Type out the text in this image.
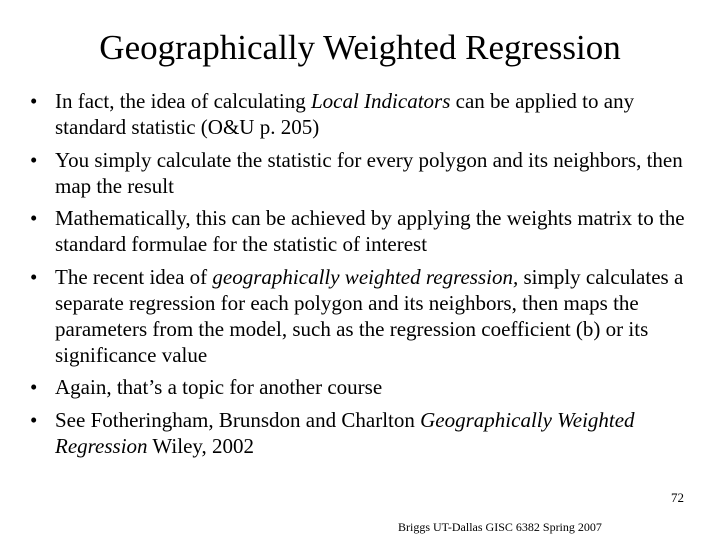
Geographically Weighted Regression
• In fact, the idea of calculating Local Indicators can be applied to any standard statistic (O&U p. 205)
• You simply calculate the statistic for every polygon and its neighbors, then map the result
• Mathematically, this can be achieved by applying the weights matrix to the standard formulae for the statistic of interest
• The recent idea of geographically weighted regression, simply calculates a separate regression for each polygon and its neighbors, then maps the parameters from the model, such as the regression coefficient (b) or its significance value
• Again, that’s a topic for another course
• See Fotheringham, Brunsdon and Charlton Geographically Weighted Regression Wiley, 2002
72
Briggs UT-Dallas GISC 6382 Spring 2007
